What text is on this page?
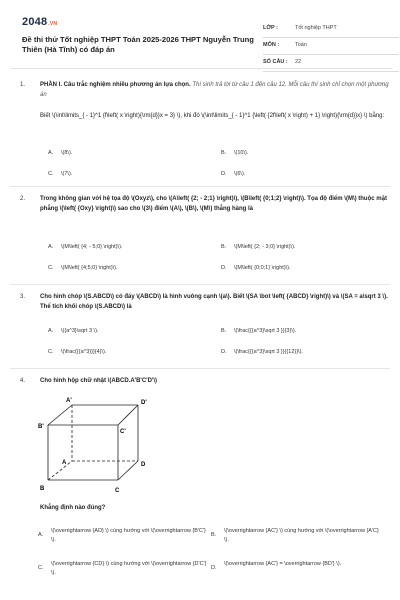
2048.VN
Đề thi thử Tốt nghiệp THPT Toán 2025-2026 THPT Nguyễn Trung Thiên (Hà Tĩnh) có đáp án
LỚP :	Tốt nghiệp THPT
MÔN :	Toán
SỐ CÂU : 22
1. PHẦN I. Câu trắc nghiệm nhiều phương án lựa chọn. Thí sinh trả lời từ câu 1 đến câu 12. Mỗi câu thí sinh chỉ chọn một phương án
Biết \(\int\limits_{ - 1}^1 {f\left( x \right){\rm{d}}x = 3} \), khi đó \(\int\limits_{ - 1}^1 {\left( {2f\left( x \right) + 1} \right){\rm{d}}x} \) bằng:
A. \(8\).	B. \(10\).
C. \(7\).	D. \(6\).
2. Trong không gian với hệ tọa độ \(Oxyz\), cho \(A\left( {2; - 2;1} \right)\), \(B\left( {0;1;2} \right)\). Tọa độ điểm \(M\) thuộc mặt phẳng \(\left( {Oxy} \right)\) sao cho \(3\) điểm \(A\), \(B\), \(M\) thẳng hàng là
A. \(M\left( {4; - 5;0} \right)\).	B. \(M\left( {2; - 3;0} \right)\).
C. \(M\left( {4;5;0} \right)\).	D. \(M\left( {0;0;1} \right)\).
3. Cho hình chóp \(S.ABCD\) có đáy \(ABCD\) là hình vuông cạnh \(a\). Biết \(SA \bot \left( {ABCD} \right)\) và \(SA = a\sqrt 3 \). Thể tích khối chóp \(S.ABCD\) là
A. \({a^3}\sqrt 3 \).	B. \(\frac{{{a^3}\sqrt 3 }}{3}\).
C. \(\frac{{{a^3}}}{4}\).	D. \(\frac{{{a^3}\sqrt 3 }}{{12}}\).
4. Cho hình hộp chữ nhật \(ABCD.A'B'C'D'\)
A'	D'
B'
C'
A	D
B	C
Khẳng định nào đúng?
A.
\(\overrightarrow {AD} \) cùng hướng với \(\overrightarrow {B'C'} \).
B.
\(\overrightarrow {AC'} \) cùng hướng với \(\overrightarrow {A'C} \).
C.
\(\overrightarrow {CD} \) cùng hướng với \(\overrightarrow {D'C'} \).
D.
\(\overrightarrow {AC'} = \overrightarrow {BD'} \).
